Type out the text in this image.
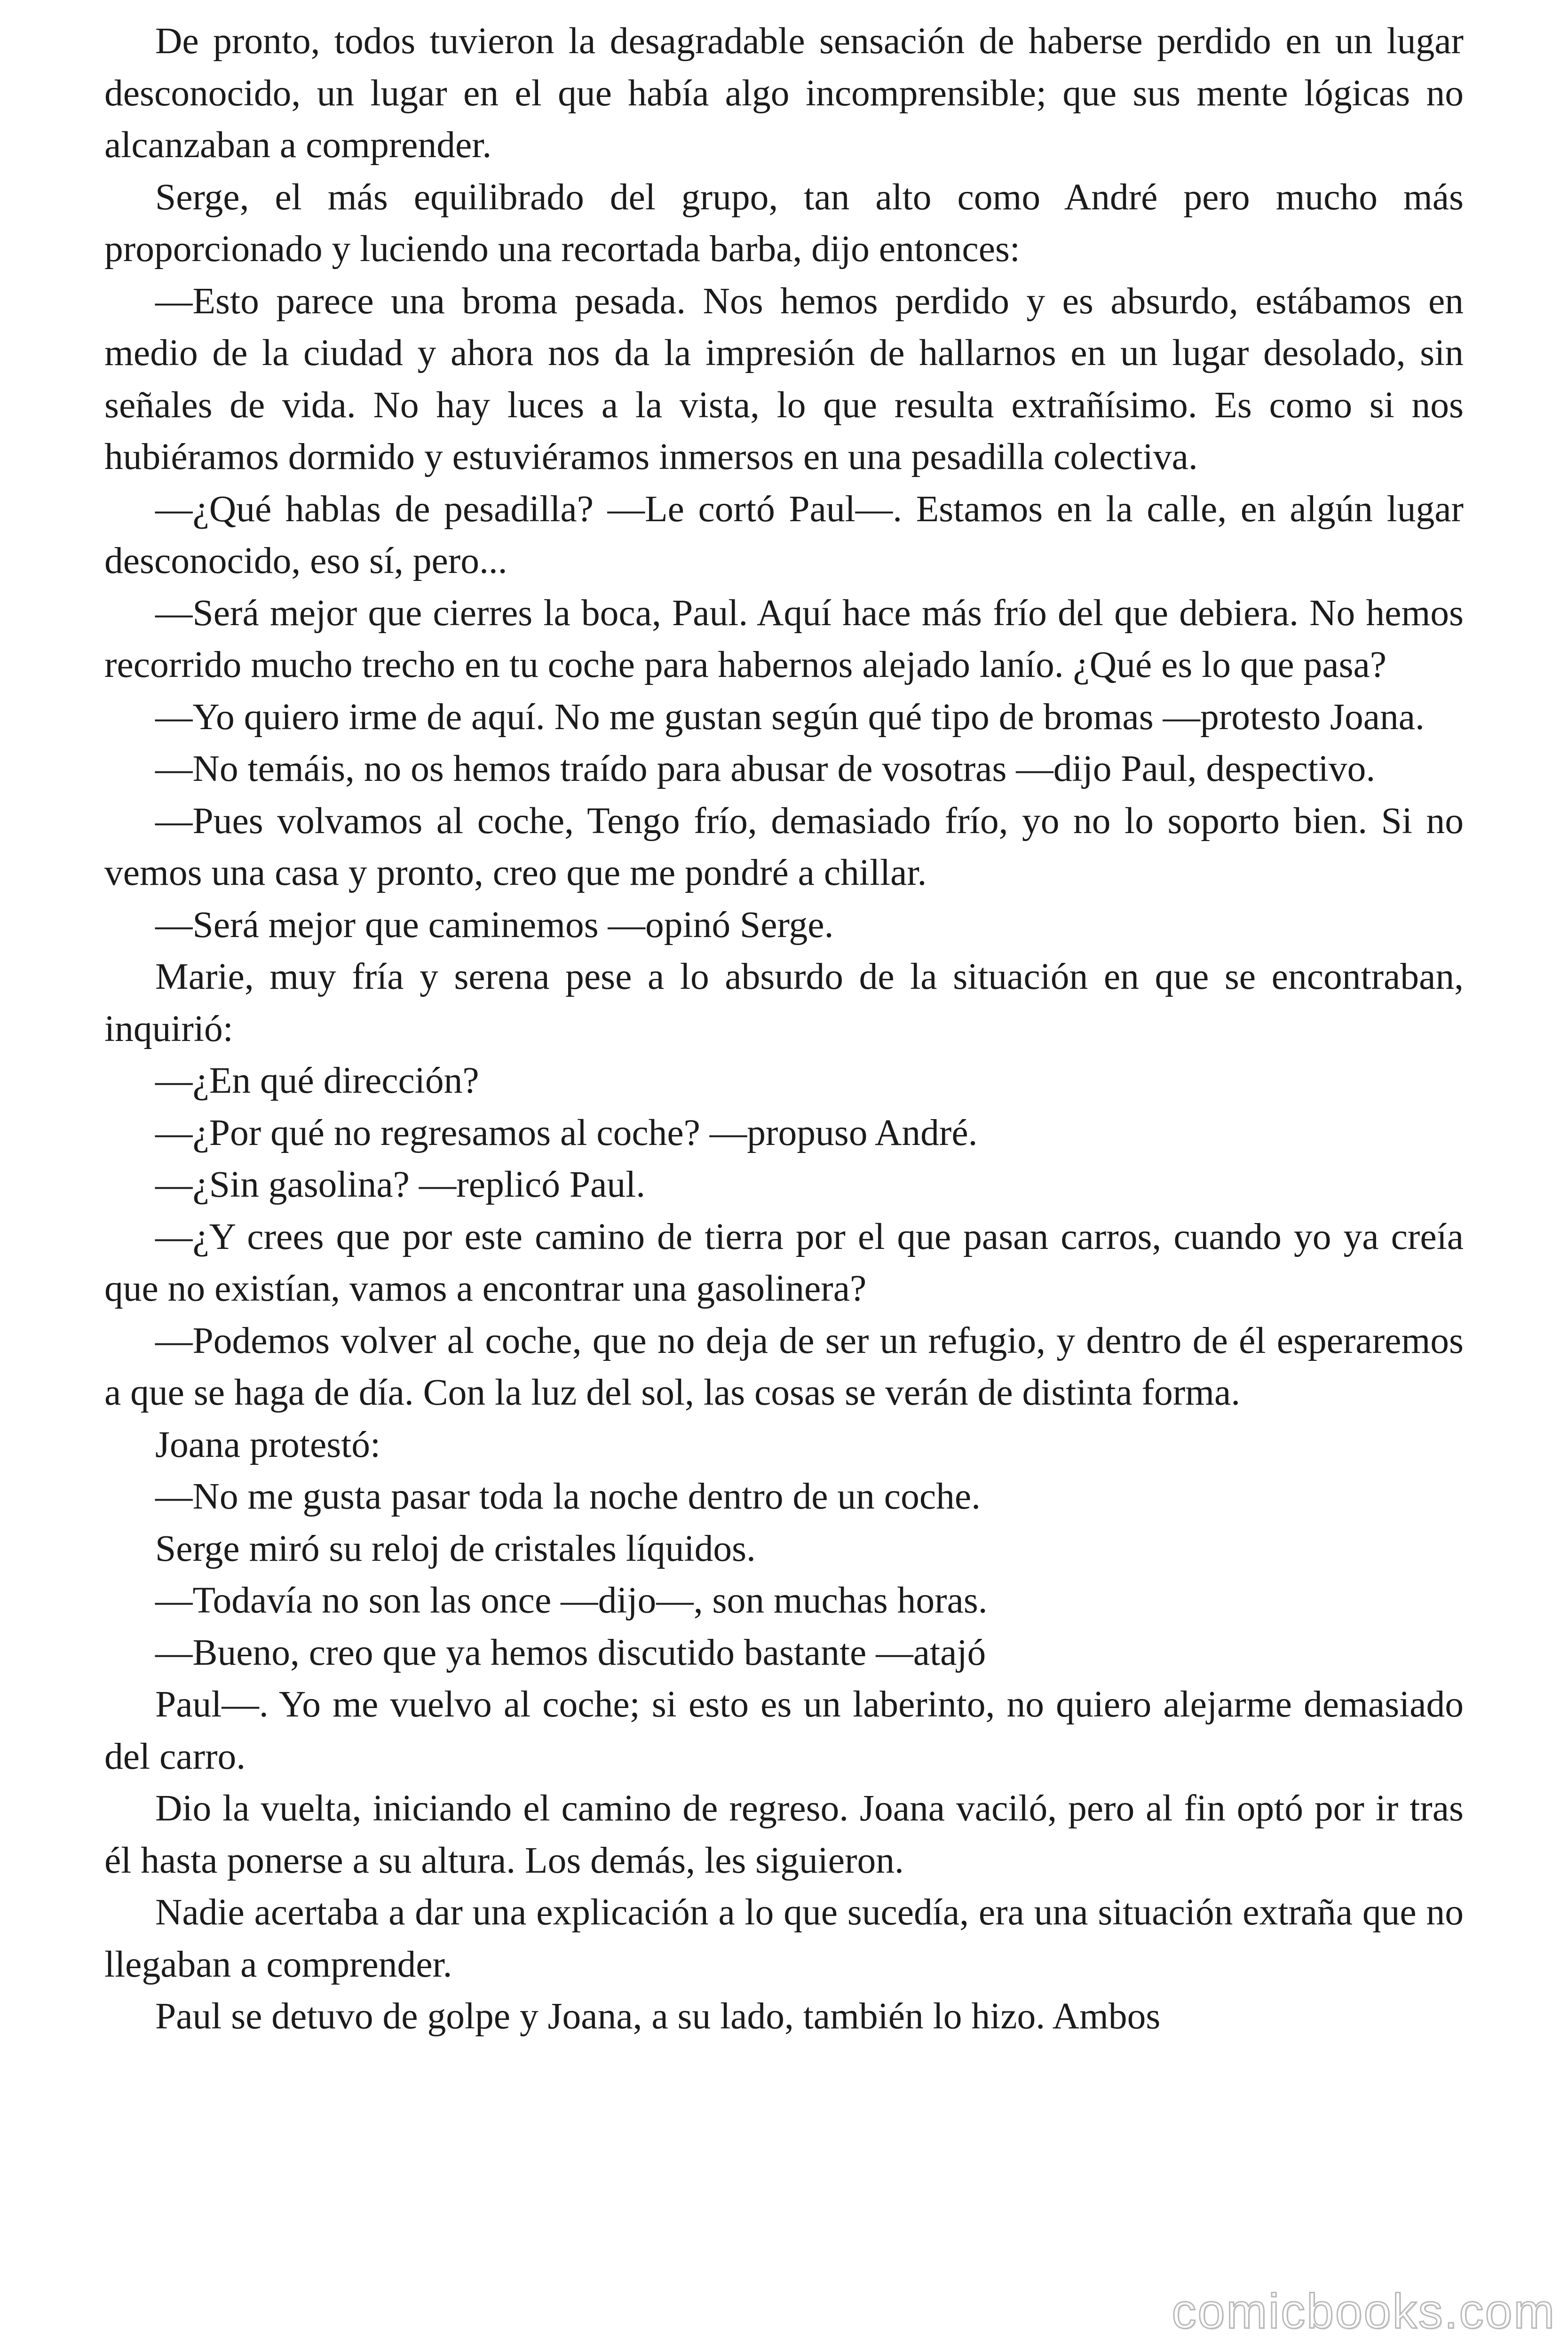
De pronto, todos tuvieron la desagradable sensación de haberse perdido en un lugar desconocido, un lugar en el que había algo incomprensible; que sus mente lógicas no alcanzaban a comprender.

Serge, el más equilibrado del grupo, tan alto como André pero mucho más proporcionado y luciendo una recortada barba, dijo entonces:

—Esto parece una broma pesada. Nos hemos perdido y es absurdo, estábamos en medio de la ciudad y ahora nos da la impresión de hallarnos en un lugar desolado, sin señales de vida. No hay luces a la vista, lo que resulta extrañísimo. Es como si nos hubiéramos dormido y estuviéramos inmersos en una pesadilla colectiva.

—¿Qué hablas de pesadilla? —Le cortó Paul—. Estamos en la calle, en algún lugar desconocido, eso sí, pero...

—Será mejor que cierres la boca, Paul. Aquí hace más frío del que debiera. No hemos recorrido mucho trecho en tu coche para habernos alejado lanío. ¿Qué es lo que pasa?

—Yo quiero irme de aquí. No me gustan según qué tipo de bromas —protesto Joana.

—No temáis, no os hemos traído para abusar de vosotras —dijo Paul, despectivo.

—Pues volvamos al coche, Tengo frío, demasiado frío, yo no lo soporto bien. Si no vemos una casa y pronto, creo que me pondré a chillar.

—Será mejor que caminemos —opinó Serge.

Marie, muy fría y serena pese a lo absurdo de la situación en que se encontraban, inquirió:

—¿En qué dirección?

—¿Por qué no regresamos al coche? —propuso André.

—¿Sin gasolina? —replicó Paul.

—¿Y crees que por este camino de tierra por el que pasan carros, cuando yo ya creía que no existían, vamos a encontrar una gasolinera?

—Podemos volver al coche, que no deja de ser un refugio, y dentro de él esperaremos a que se haga de día. Con la luz del sol, las cosas se verán de distinta forma.

Joana protestó:

—No me gusta pasar toda la noche dentro de un coche.

Serge miró su reloj de cristales líquidos.

—Todavía no son las once —dijo—, son muchas horas.

—Bueno, creo que ya hemos discutido bastante —atajó

Paul—. Yo me vuelvo al coche; si esto es un laberinto, no quiero alejarme demasiado del carro.

Dio la vuelta, iniciando el camino de regreso. Joana vaciló, pero al fin optó por ir tras él hasta ponerse a su altura. Los demás, les siguieron.

Nadie acertaba a dar una explicación a lo que sucedía, era una situación extraña que no llegaban a comprender.

Paul se detuvo de golpe y Joana, a su lado, también lo hizo. Ambos

comicbooks.com
